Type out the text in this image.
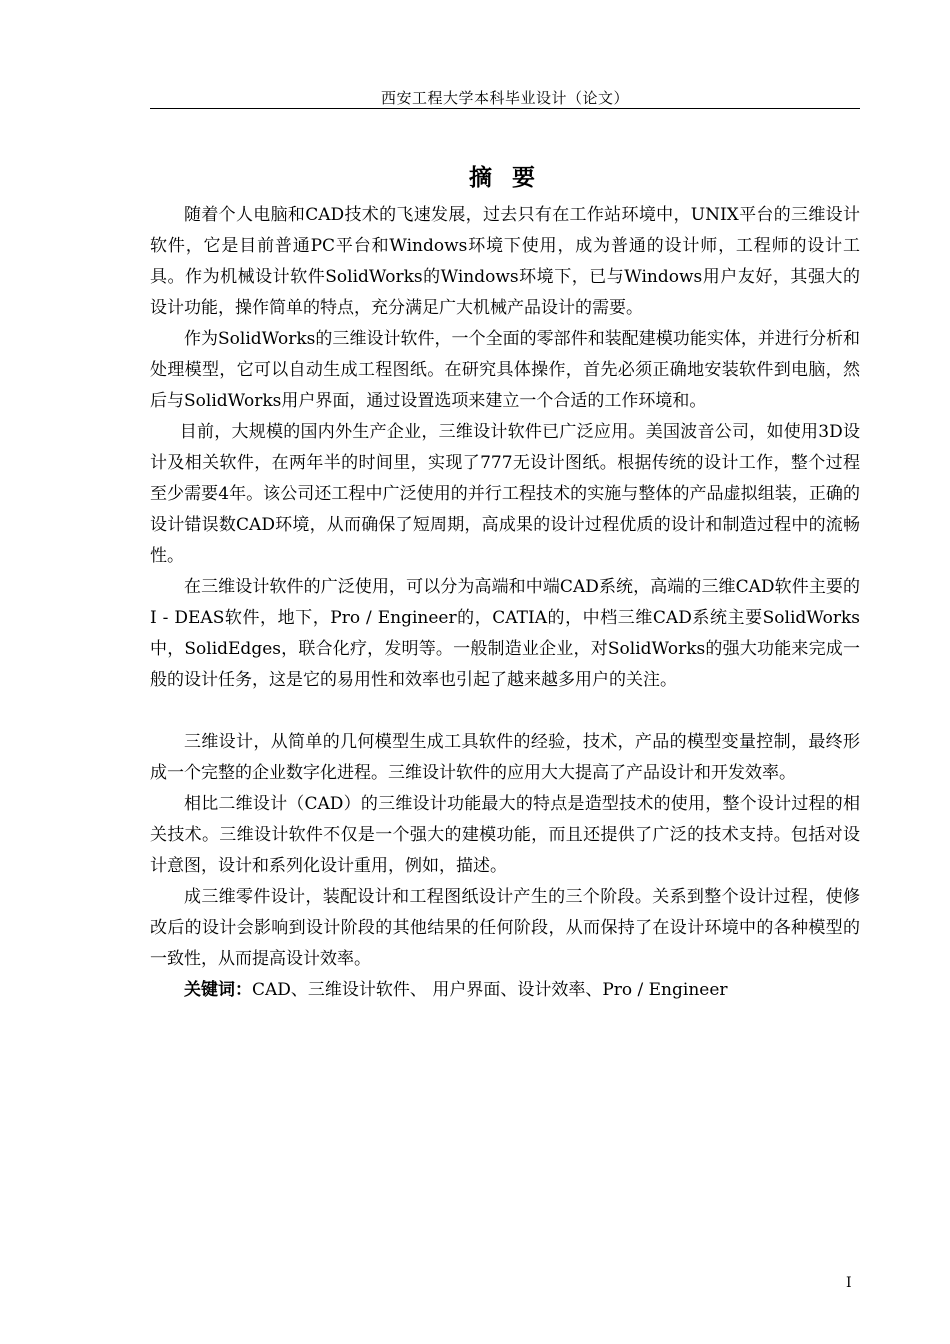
西安工程大学本科毕业设计（论文）
摘 要

随着个人电脑和CAD技术的飞速发展，过去只有在工作站环境中，UNIX平台的三维设计软件，它是目前普通PC平台和Windows环境下使用，成为普通的设计师，工程师的设计工具。作为机械设计软件SolidWorks的Windows环境下，已与Windows用户友好，其强大的设计功能，操作简单的特点，充分满足广大机械产品设计的需要。

作为SolidWorks的三维设计软件，一个全面的零部件和装配建模功能实体，并进行分析和处理模型，它可以自动生成工程图纸。在研究具体操作，首先必须正确地安装软件到电脑，然后与SolidWorks用户界面，通过设置选项来建立一个合适的工作环境和。

目前，大规模的国内外生产企业，三维设计软件已广泛应用。美国波音公司，如使用3D设计及相关软件，在两年半的时间里，实现了777无设计图纸。根据传统的设计工作，整个过程至少需要4年。该公司还工程中广泛使用的并行工程技术的实施与整体的产品虚拟组装，正确的设计错误数CAD环境，从而确保了短周期，高成果的设计过程优质的设计和制造过程中的流畅性。

在三维设计软件的广泛使用，可以分为高端和中端CAD系统，高端的三维CAD软件主要的I - DEAS软件，地下，Pro / Engineer的，CATIA的，中档三维CAD系统主要SolidWorks中，SolidEdges，联合化疗，发明等。一般制造业企业，对SolidWorks的强大功能来完成一般的设计任务，这是它的易用性和效率也引起了越来越多用户的关注。

三维设计，从简单的几何模型生成工具软件的经验，技术，产品的模型变量控制，最终形成一个完整的企业数字化进程。三维设计软件的应用大大提高了产品设计和开发效率。

相比二维设计（CAD）的三维设计功能最大的特点是造型技术的使用，整个设计过程的相关技术。三维设计软件不仅是一个强大的建模功能，而且还提供了广泛的技术支持。包括对设计意图，设计和系列化设计重用，例如，描述。

成三维零件设计，装配设计和工程图纸设计产生的三个阶段。关系到整个设计过程，使修改后的设计会影响到设计阶段的其他结果的任何阶段，从而保持了在设计环境中的各种模型的一致性，从而提高设计效率。

关键词：CAD、三维设计软件、 用户界面、设计效率、Pro / Engineer

I
